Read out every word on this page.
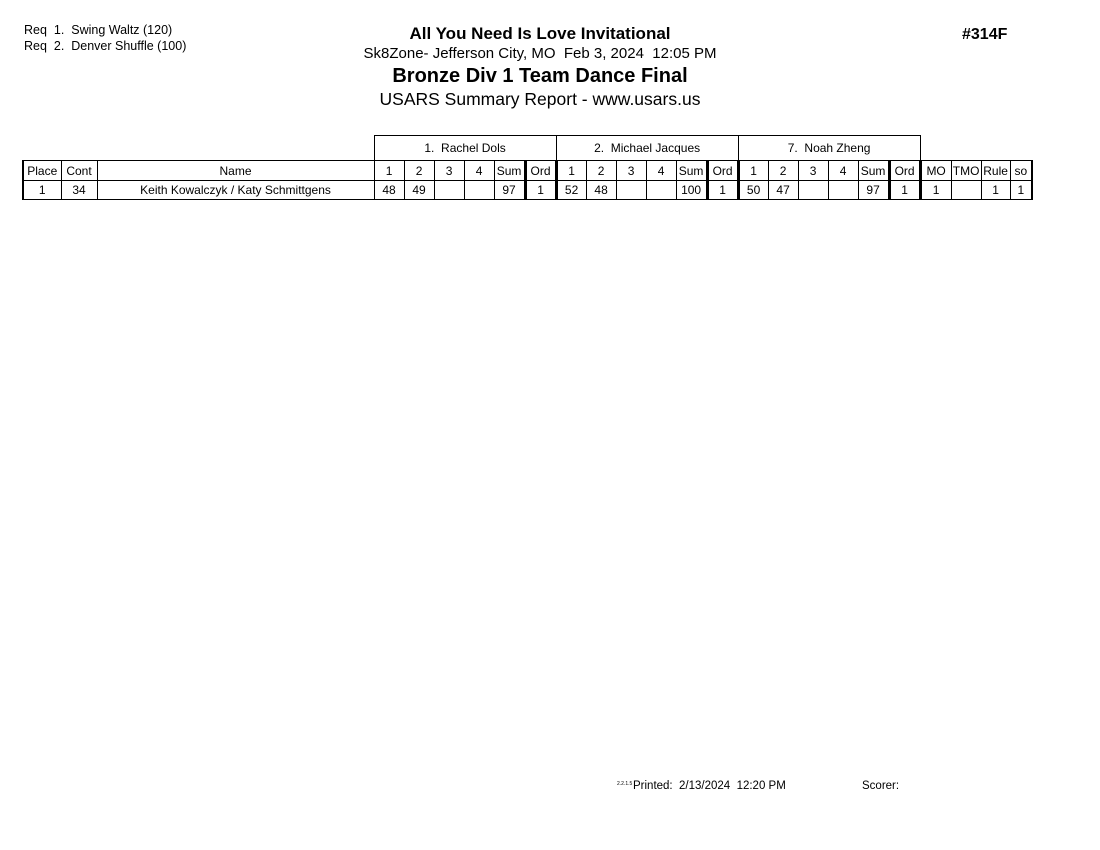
Req  1.  Swing Waltz (120)
Req  2.  Denver Shuffle (100)
All You Need Is Love Invitational
Sk8Zone- Jefferson City, MO  Feb 3, 2024  12:05 PM
Bronze Div 1 Team Dance Final
USARS Summary Report - www.usars.us
#314F
			1.  Rachel Dols						2.  Michael Jacques						7.  Noah Zheng									
Place	Cont	Name	1	2	3	4	Sum	Ord	1	2	3	4	Sum	Ord	1	2	3	4	Sum	Ord	MO	TMO	Rule	so
1	34	Keith Kowalczyk / Katy Schmittgens	48	49			97	1	52	48			100	1	50	47			97	1	1		1	1
2.2.1.5 Printed:  2/13/2024  12:20 PM	Scorer:
